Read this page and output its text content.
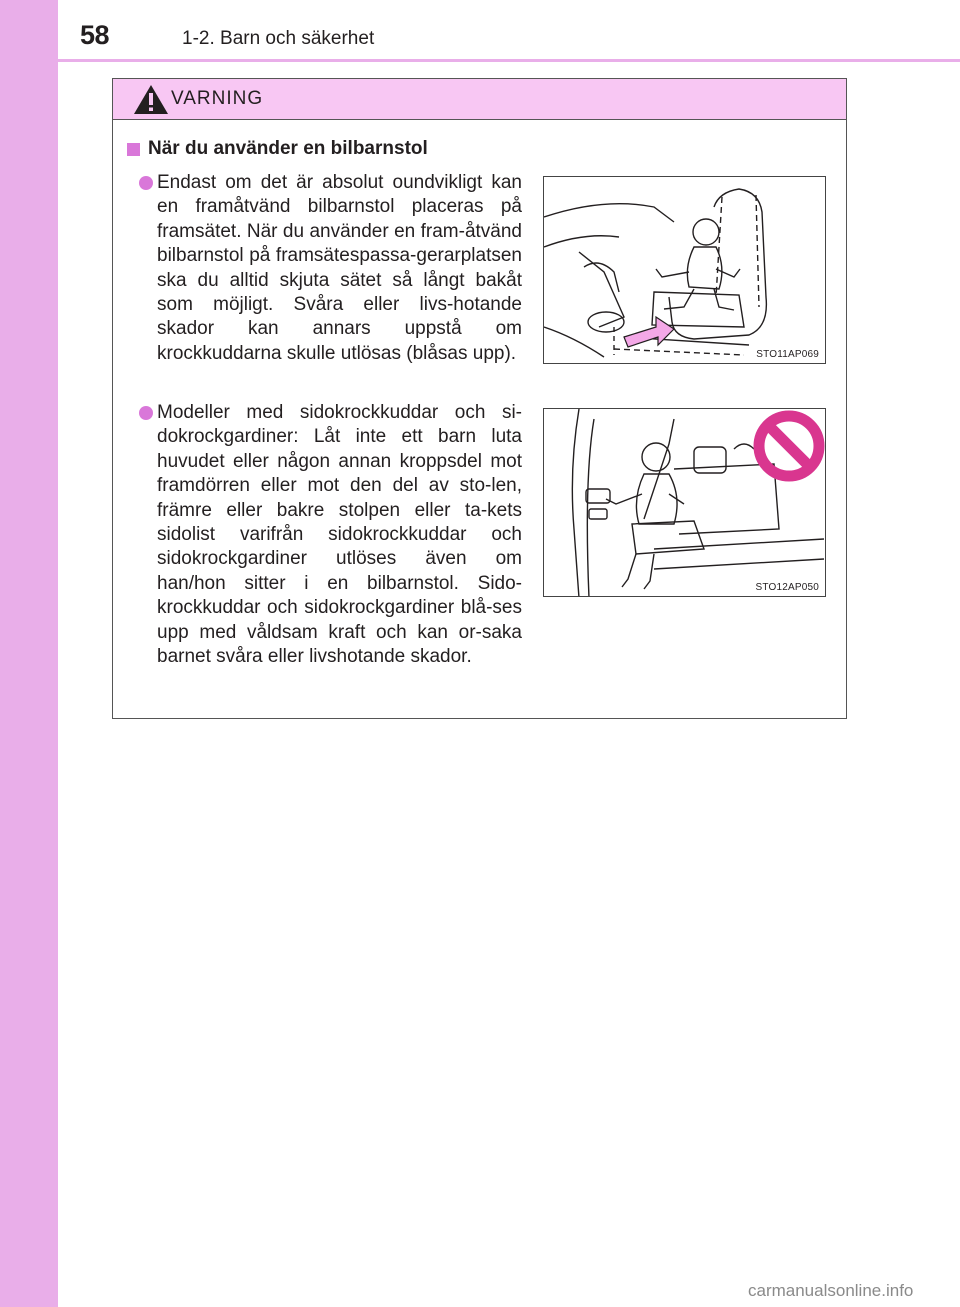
58	1-2. Barn och säkerhet
VARNING
När du använder en bilbarnstol
Endast om det är absolut oundvikligt kan en framåtvänd bilbarnstol placeras på framsätet. När du använder en fram-åtvänd bilbarnstol på framsätespassa-gerarplatsen ska du alltid skjuta sätet så långt bakåt som möjligt. Svåra eller livs-hotande skador kan annars uppstå om krockkuddarna skulle utlösas (blåsas upp).	STO11AP069
Modeller med sidokrockkuddar och si-dokrockgardiner: Låt inte ett barn luta huvudet eller någon annan kroppsdel mot framdörren eller mot den del av sto-len, främre eller bakre stolpen eller ta-kets sidolist varifrån sidokrockkuddar och sidokrockgardiner utlöses även om han/hon sitter i en bilbarnstol. Sido-krockkuddar och sidokrockgardiner blå-ses upp med våldsam kraft och kan or-saka barnet svåra eller livshotande skador.
STO12AP050
carmanualsonline.info
